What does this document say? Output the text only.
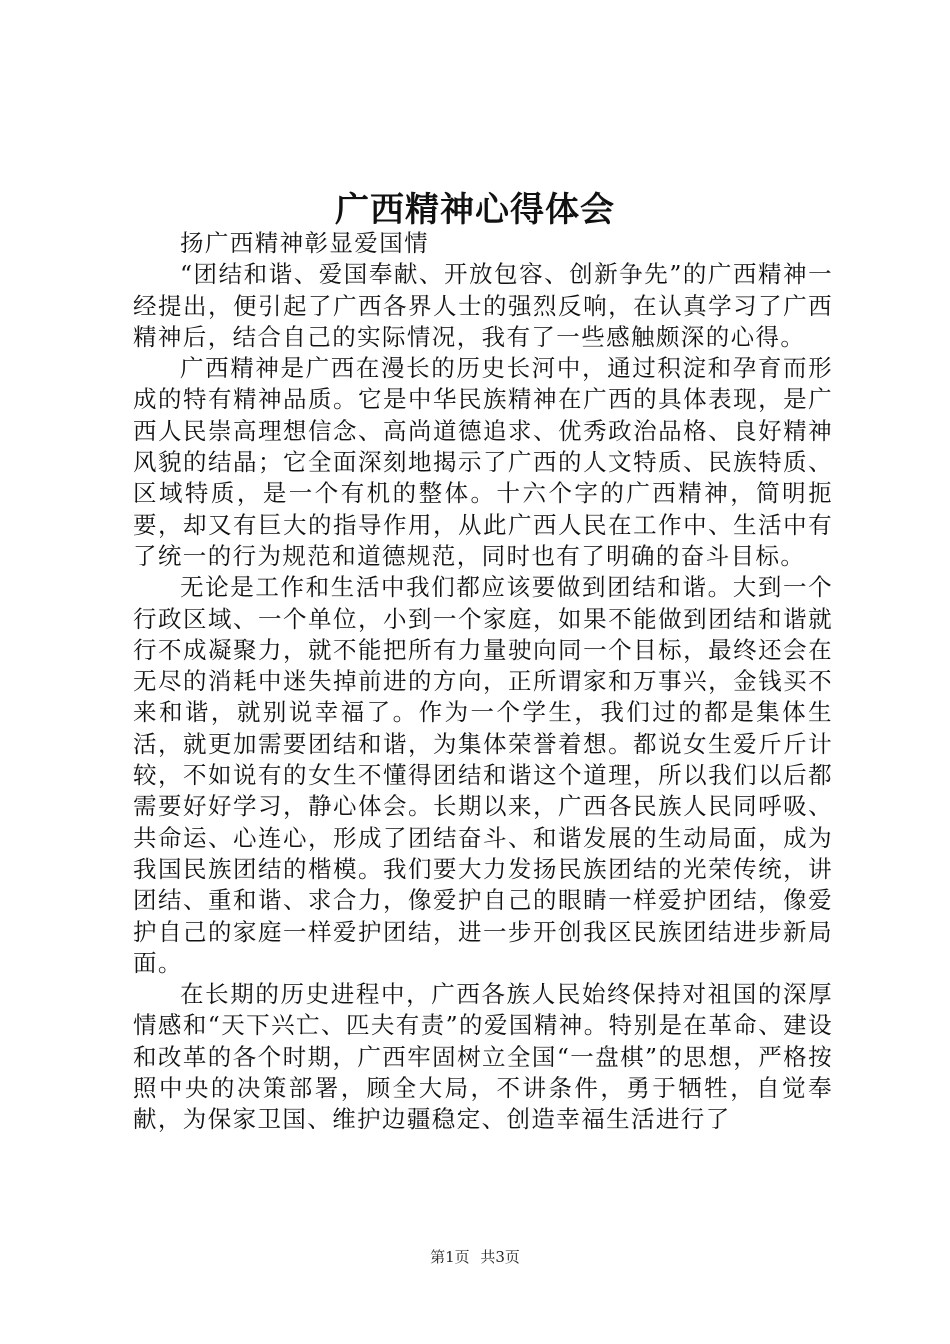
广西精神心得体会

扬广西精神彰显爱国情

“团结和谐、爱国奉献、开放包容、创新争先”的广西精神一经提出，便引起了广西各界人士的强烈反响，在认真学习了广西精神后，结合自己的实际情况，我有了一些感触颇深的心得。

广西精神是广西在漫长的历史长河中，通过积淀和孕育而形成的特有精神品质。它是中华民族精神在广西的具体表现，是广西人民崇高理想信念、高尚道德追求、优秀政治品格、良好精神风貌的结晶；它全面深刻地揭示了广西的人文特质、民族特质、区域特质，是一个有机的整体。十六个字的广西精神，简明扼要，却又有巨大的指导作用，从此广西人民在工作中、生活中有了统一的行为规范和道德规范，同时也有了明确的奋斗目标。

无论是工作和生活中我们都应该要做到团结和谐。大到一个行政区域、一个单位，小到一个家庭，如果不能做到团结和谐就行不成凝聚力，就不能把所有力量驶向同一个目标，最终还会在无尽的消耗中迷失掉前进的方向，正所谓家和万事兴，金钱买不来和谐，就别说幸福了。作为一个学生，我们过的都是集体生活，就更加需要团结和谐，为集体荣誉着想。都说女生爱斤斤计较，不如说有的女生不懂得团结和谐这个道理，所以我们以后都需要好好学习，静心体会。长期以来，广西各民族人民同呼吸、共命运、心连心，形成了团结奋斗、和谐发展的生动局面，成为我国民族团结的楷模。我们要大力发扬民族团结的光荣传统，讲团结、重和谐、求合力，像爱护自己的眼睛一样爱护团结，像爱护自己的家庭一样爱护团结，进一步开创我区民族团结进步新局面。

在长期的历史进程中，广西各族人民始终保持对祖国的深厚情感和“天下兴亡、匹夫有责”的爱国精神。特别是在革命、建设和改革的各个时期，广西牢固树立全国“一盘棋”的思想，严格按照中央的决策部署，顾全大局，不讲条件，勇于牺牲，自觉奉献，为保家卫国、维护边疆稳定、创造幸福生活进行了

第1页 共3页
